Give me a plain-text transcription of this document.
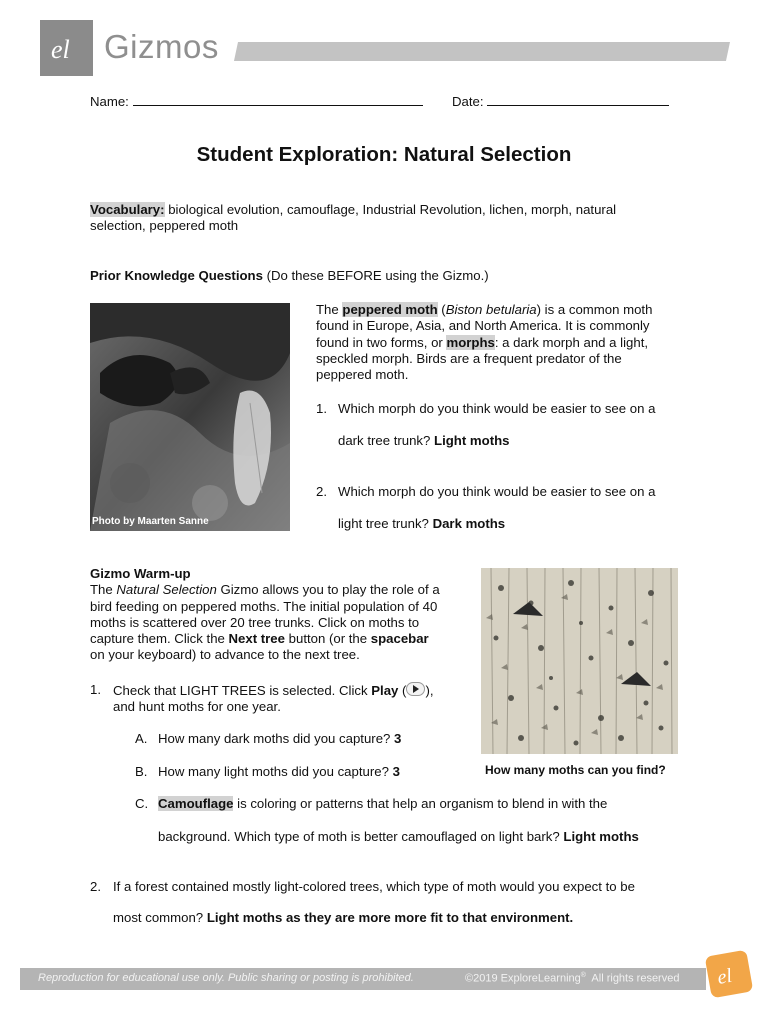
el Gizmos
Name:	Date:
Student Exploration: Natural Selection
Vocabulary: biological evolution, camouflage, Industrial Revolution, lichen, morph, natural
selection, peppered moth
Prior Knowledge Questions (Do these BEFORE using the Gizmo.)
Photo by Maarten Sanne
The peppered moth (Biston betularia) is a common moth
found in Europe, Asia, and North America. It is commonly
found in two forms, or morphs: a dark morph and a light,
speckled morph. Birds are a frequent predator of the
peppered moth.
1. Which morph do you think would be easier to see on a
dark tree trunk? Light moths
2. Which morph do you think would be easier to see on a
light tree trunk? Dark moths
Gizmo Warm-up
The Natural Selection Gizmo allows you to play the role of a
bird feeding on peppered moths. The initial population of 40
moths is scattered over 20 tree trunks. Click on moths to
capture them. Click the Next tree button (or the spacebar
on your keyboard) to advance to the next tree.
How many moths can you find?
1. Check that LIGHT TREES is selected. Click Play ( ),
and hunt moths for one year.
A. How many dark moths did you capture? 3
B. How many light moths did you capture? 3
C. Camouflage is coloring or patterns that help an organism to blend in with the
background. Which type of moth is better camouflaged on light bark? Light moths
2. If a forest contained mostly light-colored trees, which type of moth would you expect to be
most common? Light moths as they are more more fit to that environment.
Reproduction for educational use only. Public sharing or posting is prohibited.	©2019 ExploreLearning®  All rights reserved el
